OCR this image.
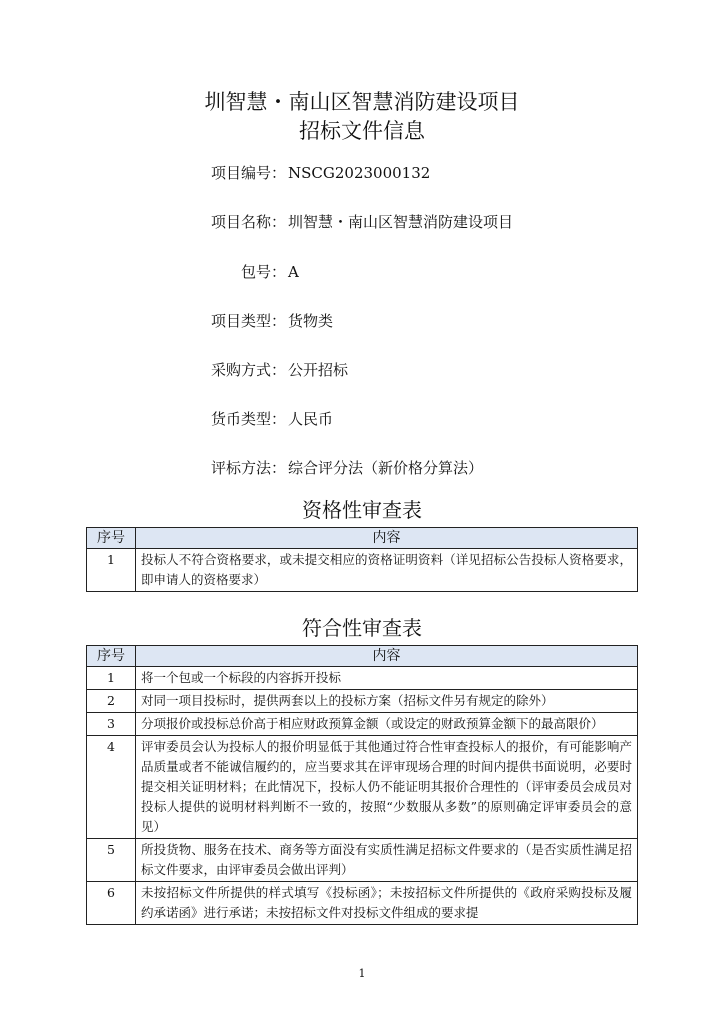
圳智慧・南山区智慧消防建设项目
招标文件信息
项目编号： NSCG2023000132
项目名称： 圳智慧・南山区智慧消防建设项目
包号： A
项目类型： 货物类
采购方式： 公开招标
货币类型： 人民币
评标方法： 综合评分法（新价格分算法）
资格性审查表
序号	内容
1	投标人不符合资格要求，或未提交相应的资格证明资料（详见招标公告投标人资格要求，即申请人的资格要求）
符合性审查表
序号	内容
1	将一个包或一个标段的内容拆开投标
2	对同一项目投标时，提供两套以上的投标方案（招标文件另有规定的除外）
3	分项报价或投标总价高于相应财政预算金额（或设定的财政预算金额下的最高限价）
4	评审委员会认为投标人的报价明显低于其他通过符合性审查投标人的报价，有可能影响产品质量或者不能诚信履约的，应当要求其在评审现场合理的时间内提供书面说明，必要时提交相关证明材料；在此情况下，投标人仍不能证明其报价合理性的（评审委员会成员对投标人提供的说明材料判断不一致的，按照“少数服从多数”的原则确定评审委员会的意见）
5	所投货物、服务在技术、商务等方面没有实质性满足招标文件要求的（是否实质性满足招标文件要求，由评审委员会做出评判）
6	未按招标文件所提供的样式填写《投标函》；未按招标文件所提供的《政府采购投标及履约承诺函》进行承诺；未按招标文件对投标文件组成的要求提
1
